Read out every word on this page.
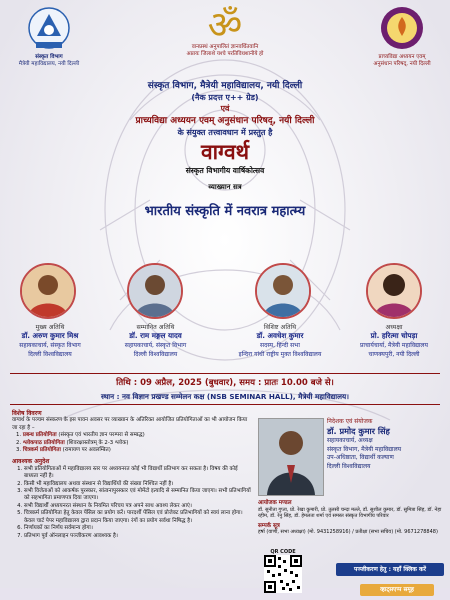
संस्कृत विभाग
मैत्रेयी महाविद्यालय, नयी दिल्ली
ॐ
वानप्रस्थं अनुपालितं ज्ञानवर्धितवानि
अप्रायः जिलाशे यश्चे परतिविधशानीये हो	प्राच्यविद्या अध्ययन एवम्
अनुसंधान परिषद्, नयी दिल्ली
संस्कृत विभाग, मैत्रेयी महाविद्यालय, नयी दिल्ली
(नैक प्रदत्त ए++ ग्रेड)
एवं
प्राच्यविद्या अध्ययन एवम् अनुसंधान परिषद्, नयी दिल्ली
के संयुक्त तत्त्वावधान में प्रस्तुत है
वाग्वर्थ
संस्कृत विभागीय वार्षिकोत्सव
व्याख्यान सत्र
भारतीय संस्कृति में नवरात्र महात्म्य
मुख्य अतिथि
डॉ. अरुण कुमार मिश्र
सहायकाचार्य, संस्कृत विभाग
दिल्ली विश्वविद्यालय
सम्मानित अतिथि
डॉ. राम मङ्गल यादव
सहायकाचार्य, संस्कृत विभाग
दिल्ली विश्वविद्यालय
विशिष्ट अतिथि
डॉ. अवधेश कुमार
सदस्य, हिन्दी सभा
इन्दिरा गांधी राष्ट्रीय मुक्त विश्वविद्यालय
अध्यक्षा
प्रो. हरित्मा चोपड़ा
प्राचार्यचार्या, मैत्रेयी महाविद्यालय
चाणक्यपुरी, नयी दिल्ली
तिथि : 09 अप्रैल, 2025 (बुधवार), समय : प्रातः 10.00 बजे से।
स्थान : नव विज्ञान प्रखण्ड सम्मेलन कक्ष (NSB SEMINAR HALL), मैत्रेयी महाविद्यालय।
विशेष विवरण
वाग्वर्थ के पञ्चम संस्करण के इस पावन अवसर पर व्याख्यान के अतिरिक्त आयोजित प्रतियोगिताओं का भी आयोजन किया जा रहा है –
1. प्रबन्ध प्रतियोगिता (संस्कृत एवं भारतीय ज्ञान परम्परा से सम्बद्ध)
2. श्लोकपाठ प्रतियोगिता (शिवरक्षास्तोत्रम् के 2-3 श्लोक)
3. चित्रकर्म प्रतियोगिता (रामायण पर अवलम्बित)
आवश्यक अनुदेश
1. सभी प्रतियोगिताओं में महाविद्यालय स्तर पर अध्ययनरत कोई भी विद्यार्थी प्रतिभाग कर सकता है। विषय की कोई बाध्यता नहीं है।
2. किसी भी महाविद्यालय अथवा संस्थान से विद्यार्थियों की संख्या निश्चित नहीं है।
3. सभी विजेताओं को आकर्षक पुरस्कार, सांत्वनापुरस्कार एवं मोमेंटो इत्यादि से सम्मानित किया जाएगा। सभी प्रतिभागियों को सहभागिता प्रमाणपत्र दिया जाएगा।
4. सभी विद्यार्थी अध्ययनरत संस्थान के नियमित परिचय पत्र अपने साथ अवश्य लेकर आएं।
5. चित्रकर्म प्रतियोगिता हेतु केवल पेंसिल का प्रयोग करें। पारदर्शी पेंसिल एवं प्रोजेक्ट प्रतिभागियों को स्वयं लाना होगा। केवल चार्ट पेपर महाविद्यालय द्वारा प्रदान किया जाएगा। रंगों का प्रयोग सर्वथा निषिद्ध है।
6. निर्णायकों का निर्णय सर्वमान्य होगा।
7. प्रतिभाग पूर्व ऑनलाइन पञ्जीकरण आवश्यक है।
निदेशक एवं संयोजक
डॉ. प्रमोद कुमार सिंह
सहायकाचार्य, अध्यक्ष
संस्कृत विभाग, मैत्रेयी महाविद्यालय
उप-अधिष्ठाता, विद्यार्थी कल्याण
दिल्ली विश्वविद्यालय
आयोजक मण्डल
डॉ. सुनीता गुप्ता, प्रो. रेखा कुमारी, प्रो. तुलसी चन्दा मल्ले, डॉ. सुशील कुमार, डॉ. सुमित्रा सिंह, डॉ. नेहा रहीम, डॉ. रेनु सिंह, डॉ. हेमलता शर्मा एवं समस्त संस्कृत विभागीय परिवार
सम्पर्क सूत्र
हर्षा (वाणी, सभा अध्यक्षा) (मो. 9431258916) / प्रतीक्षा (सभा सचिव) (मो. 9671278848)
QR CODE
पञ्जीकरण हेतु : यहाँ क्लिक करें
व्हाट्सएप्प समूह
